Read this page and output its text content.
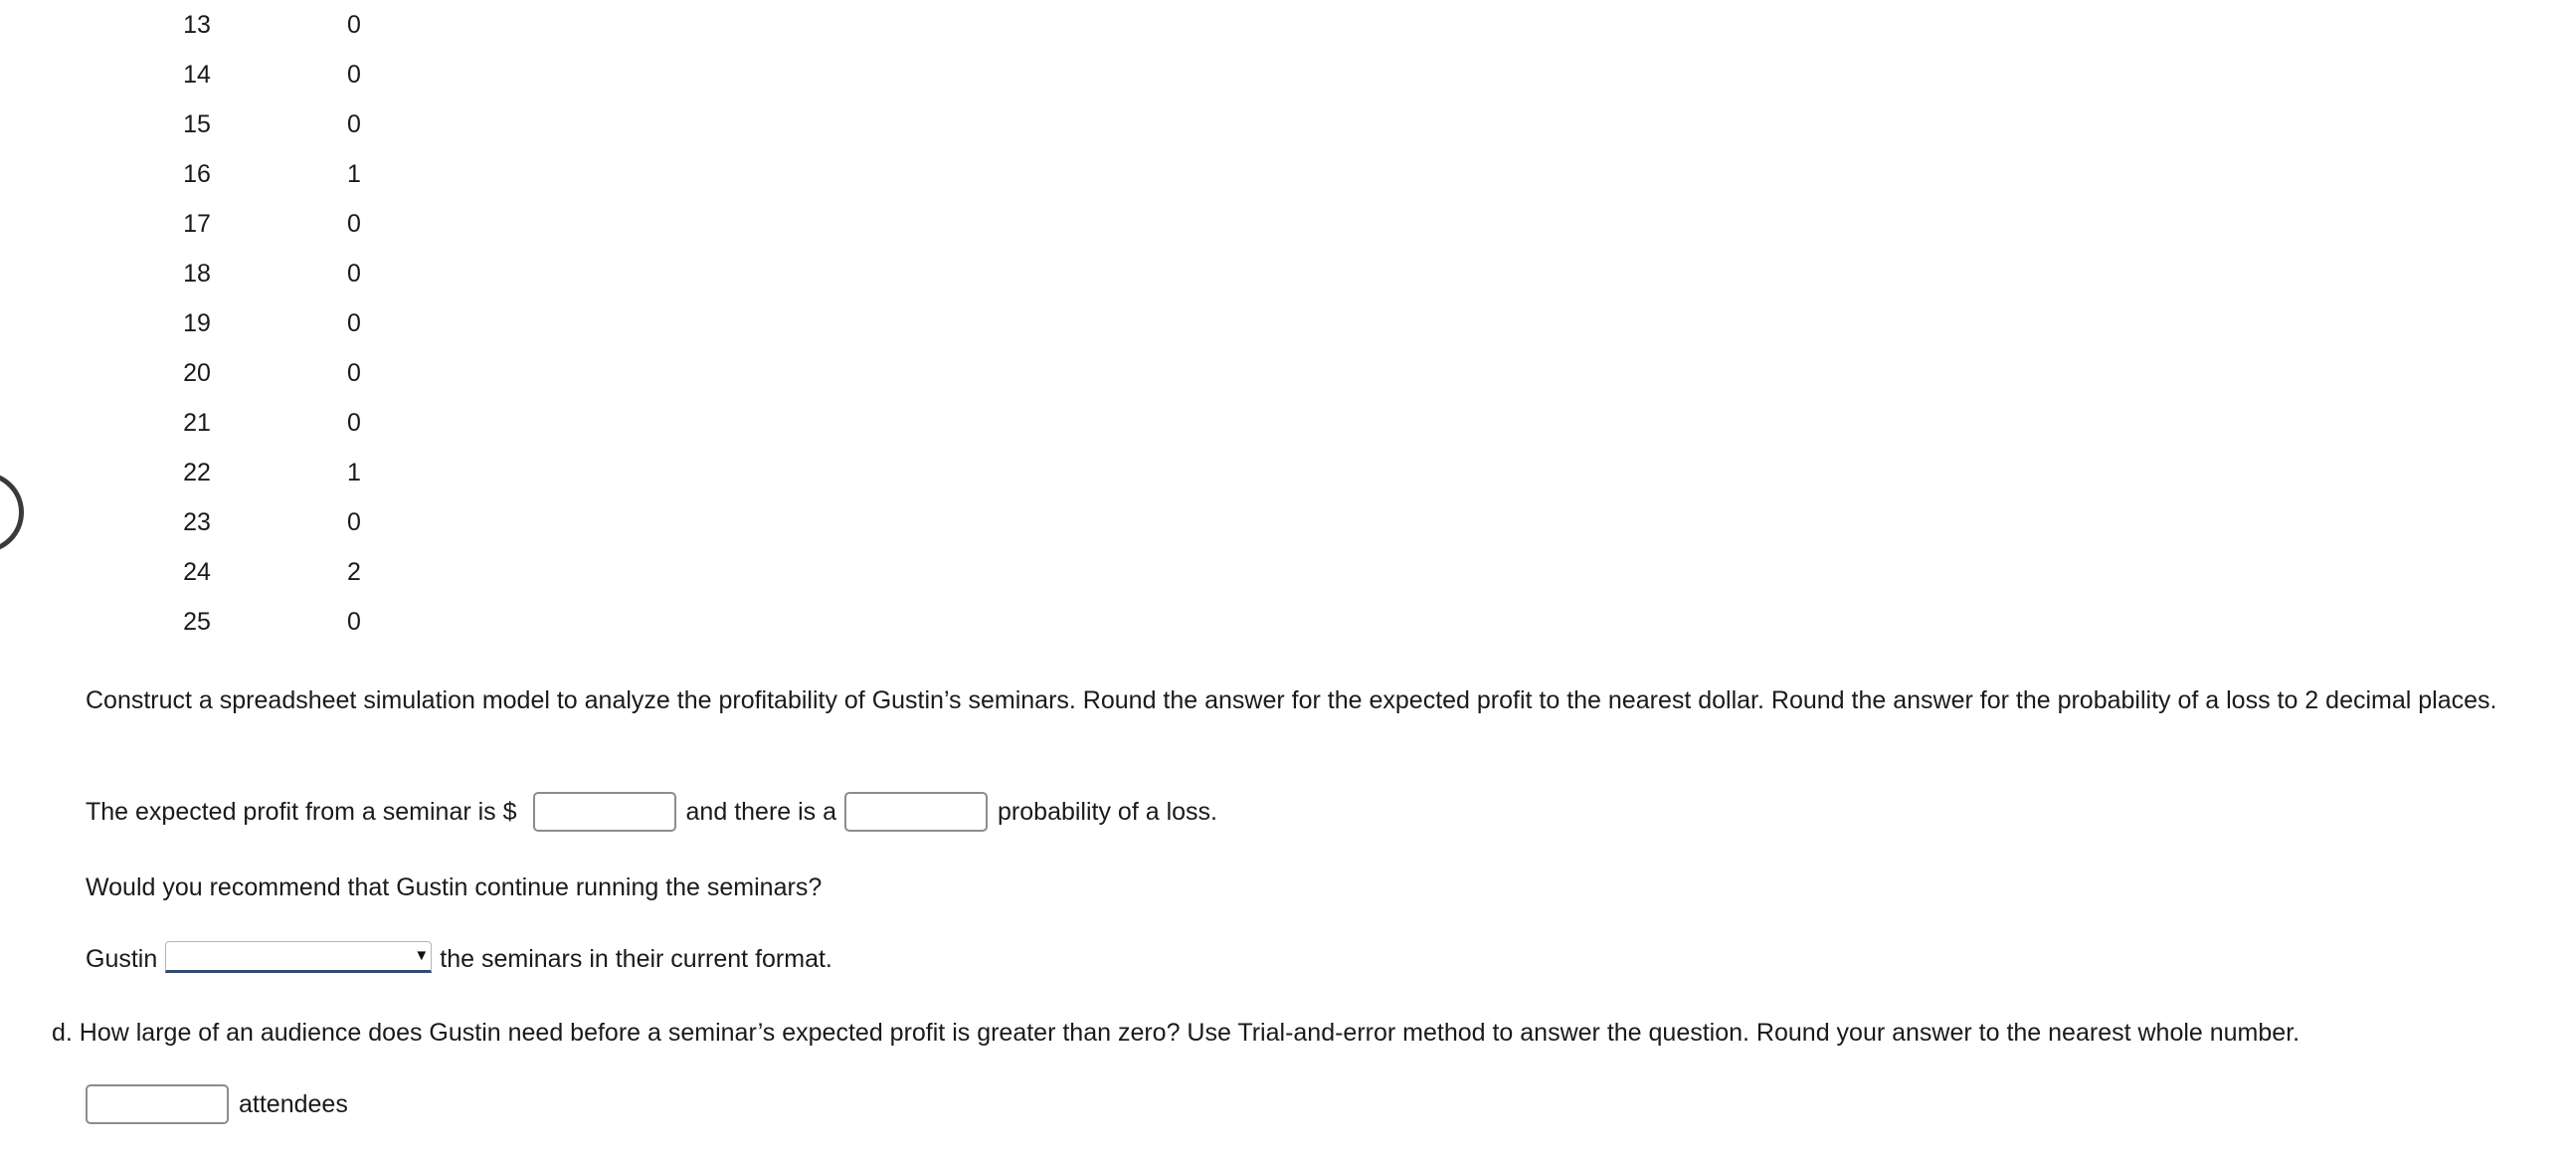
13	0
14	0
15	0
16	1
17	0
18	0
19	0
20	0
21	0
22	1
23	0
24	2
25	0
Construct a spreadsheet simulation model to analyze the profitability of Gustin’s seminars. Round the answer for the expected profit to the nearest dollar. Round the answer for the probability of a loss to 2 decimal places.
The expected profit from a seminar is $	and there is a	probability of a loss.
Would you recommend that Gustin continue running the seminars?
Gustin	▼ the seminars in their current format.
d. How large of an audience does Gustin need before a seminar’s expected profit is greater than zero? Use Trial-and-error method to answer the question. Round your answer to the nearest whole number.
attendees
